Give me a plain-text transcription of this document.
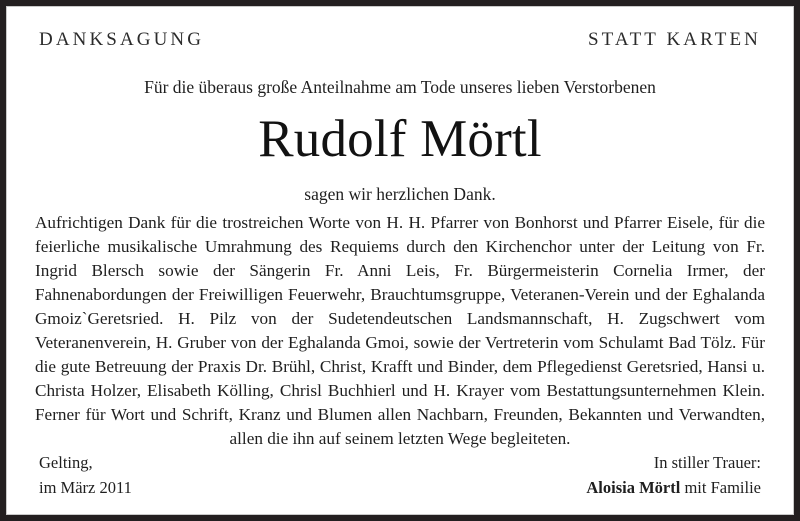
DANKSAGUNG	STATT KARTEN
Für die überaus große Anteilnahme am Tode unseres lieben Verstorbenen
Rudolf Mörtl
sagen wir herzlichen Dank.
Aufrichtigen Dank für die trostreichen Worte von H. H. Pfarrer von Bonhorst und Pfarrer Eisele, für die feierliche musikalische Umrahmung des Requiems durch den Kirchenchor unter der Leitung von Fr. Ingrid Blersch sowie der Sängerin Fr. Anni Leis, Fr. Bürgermeisterin Cornelia Irmer, der Fahnenabordungen der Freiwilligen Feuerwehr, Brauchtumsgruppe, Veteranen-Verein und der Eghalanda Gmoiz`Geretsried. H. Pilz von der Sudetendeutschen Landsmannschaft, H. Zugschwert vom Veteranenverein, H. Gruber von der Eghalanda Gmoi, sowie der Vertreterin vom Schulamt Bad Tölz. Für die gute Betreuung der Praxis Dr. Brühl, Christ, Krafft und Binder, dem Pflegedienst Geretsried, Hansi u. Christa Holzer, Elisabeth Kölling, Chrisl Buchhierl und H. Krayer vom Bestattungsunternehmen Klein. Ferner für Wort und Schrift, Kranz und Blumen allen Nachbarn, Freunden, Bekannten und Verwandten, allen die ihn auf seinem letzten Wege begleiteten.
Gelting,
im März 2011
In stiller Trauer:
Aloisia Mörtl mit Familie
